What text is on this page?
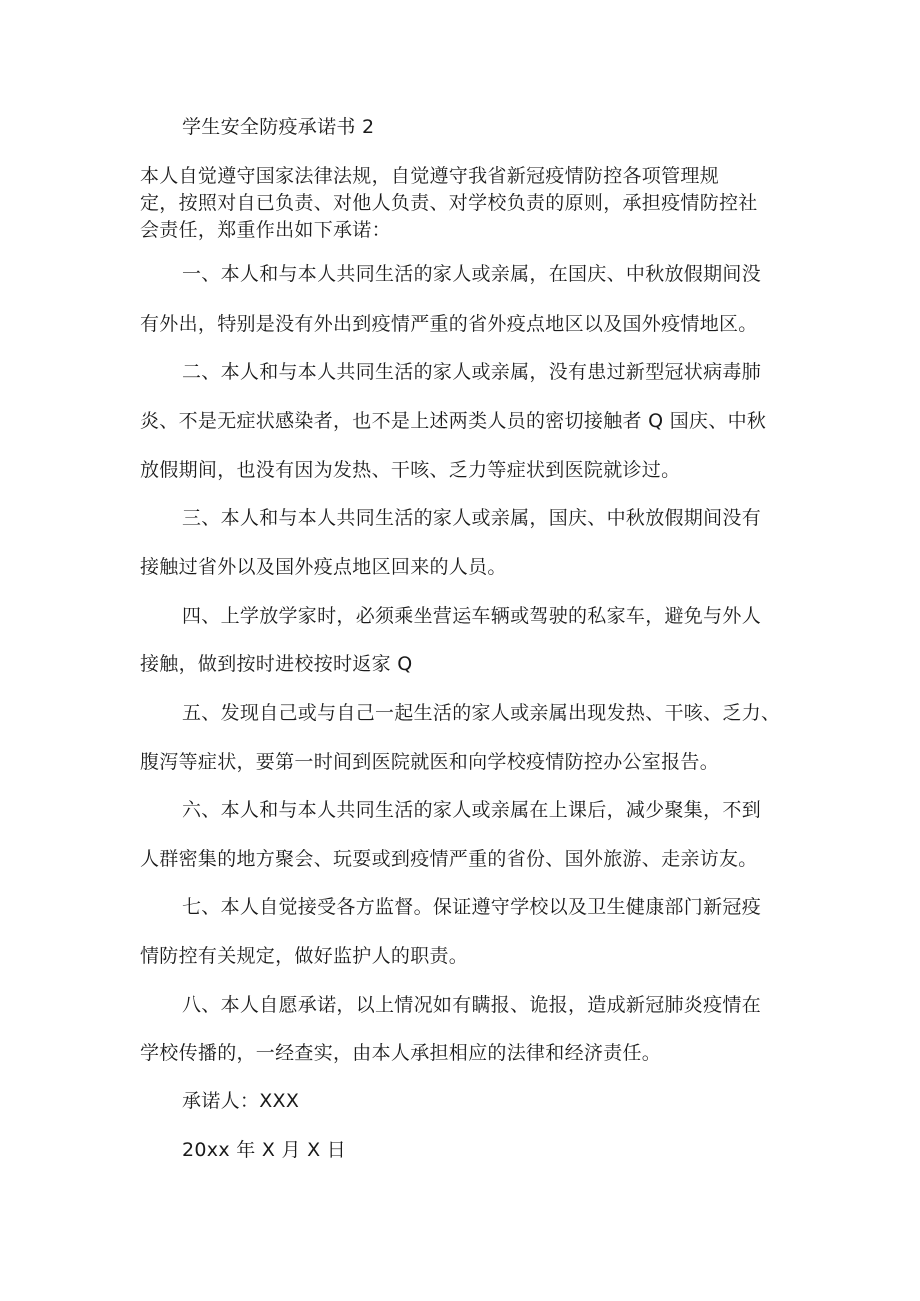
学生安全防疫承诺书 2
本人自觉遵守国家法律法规，自觉遵守我省新冠疫情防控各项管理规
定，按照对自已负责、对他人负责、对学校负责的原则，承担疫情防控社
会责任，郑重作出如下承诺：
一、本人和与本人共同生活的家人或亲属，在国庆、中秋放假期间没
有外出，特别是没有外出到疫情严重的省外疫点地区以及国外疫情地区。
二、本人和与本人共同生活的家人或亲属，没有患过新型冠状病毒肺
炎、不是无症状感染者，也不是上述两类人员的密切接触者 Q 国庆、中秋
放假期间，也没有因为发热、干咳、乏力等症状到医院就诊过。
三、本人和与本人共同生活的家人或亲属，国庆、中秋放假期间没有
接触过省外以及国外疫点地区回来的人员。
四、上学放学家时，必须乘坐营运车辆或驾驶的私家车，避免与外人
接触，做到按时进校按时返家 Q
五、发现自己或与自己一起生活的家人或亲属出现发热、干咳、乏力、
腹泻等症状，要第一时间到医院就医和向学校疫情防控办公室报告。
六、本人和与本人共同生活的家人或亲属在上课后，减少聚集，不到
人群密集的地方聚会、玩耍或到疫情严重的省份、国外旅游、走亲访友。
七、本人自觉接受各方监督。保证遵守学校以及卫生健康部门新冠疫
情防控有关规定，做好监护人的职责。
八、本人自愿承诺，以上情况如有瞒报、诡报，造成新冠肺炎疫情在
学校传播的，一经查实，由本人承担相应的法律和经济责任。
承诺人：XXX
20xx 年 X 月 X 日
